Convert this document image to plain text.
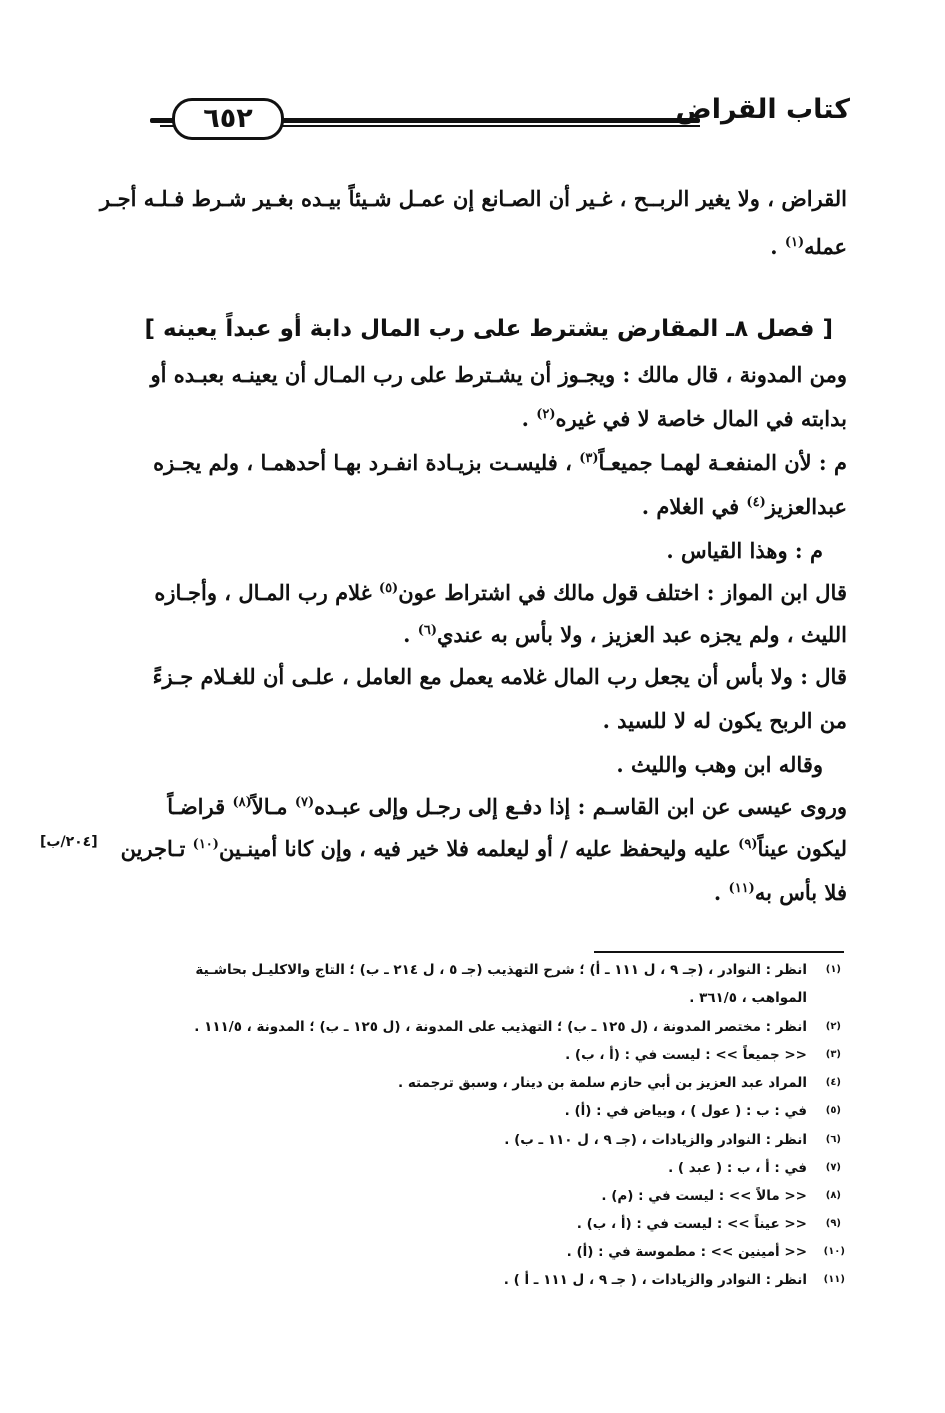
كتاب القراض
٦٥٢
القراض ، ولا يغير الربــح ، غـير أن الصـانع إن عمـل شـيئاً بيـده بغـير شـرط فـلـه أجـر
عمله$^{(١)}$ .
[ فصل ٨ـ المقارض يشترط على رب المال دابة أو عبداً يعينه ]
ومن المدونة ، قال مالك : ويجـوز أن يشـترط على رب المـال أن يعينـه بعبـده أو
بدابته في المال خاصة لا في غيره$^{(٢)}$ .
م : لأن المنفعـة لهمـا جميعـاً$^{(٣)}$ ، فليسـت بزيـادة انفـرد بهـا أحدهمـا ، ولم يجـزه
عبدالعزيز$^{(٤)}$ في الغلام .
م : وهذا القياس .
قال ابن المواز : اختلف قول مالك في اشتراط عون$^{(٥)}$ غلام رب المـال ، وأجـازه
الليث ، ولم يجزه عبد العزيز ، ولا بأس به عندي$^{(٦)}$ .
قال : ولا بأس أن يجعل رب المال غلامه يعمل مع العامل ، علـى أن للغـلام جـزءً
من الربح يكون له لا للسيد .
وقاله ابن وهب والليث .
وروى عيسى عن ابن القاسـم : إذا دفـع إلى رجـل وإلى عبـده$^{(٧)}$ مـالاً$^{(٨)}$ قراضـاً
ليكون عيناً$^{(٩)}$ عليه وليحفظ عليه / أو ليعلمه فلا خير فيه ، وإن كانا أمينـين$^{(١٠)}$ تـاجرين
[٢٠٤/ب]
فلا بأس به$^{(١١)}$ .
(١)
انظر : النوادر ، (جـ ٩ ، ل ١١١ ـ أ) ؛ شرح التهذيب (جـ ٥ ، ل ٢١٤ ـ ب) ؛ التاج والاكليـل بحاشـية
المواهب ، ٣٦١/٥ .
(٢)
انظر : مختصر المدونة ، (ل ١٢٥ ـ ب) ؛ التهذيب على المدونة ، (ل ١٢٥ ـ ب) ؛ المدونة ، ١١١/٥ .
(٣)
<< جميعاً >> : ليست في : (أ ، ب) .
(٤)
المراد عبد العزيز بن أبي حازم سلمة بن دينار ، وسبق ترجمته .
(٥)
في : ب : ( عول ) ، وبياض في : (أ) .
(٦)
انظر : النوادر والزيادات ، (جـ ٩ ، ل ١١٠ ـ ب) .
(٧)
في : أ ، ب : ( عبد ) .
(٨)
<< مالاً >> : ليست في : (م) .
(٩)
<< عيناً >> : ليست في : (أ ، ب) .
(١٠)
<< أمينين >> : مطموسة في : (أ) .
(١١)
انظر : النوادر والزيادات ، ( جـ ٩ ، ل ١١١ ـ أ ) .
